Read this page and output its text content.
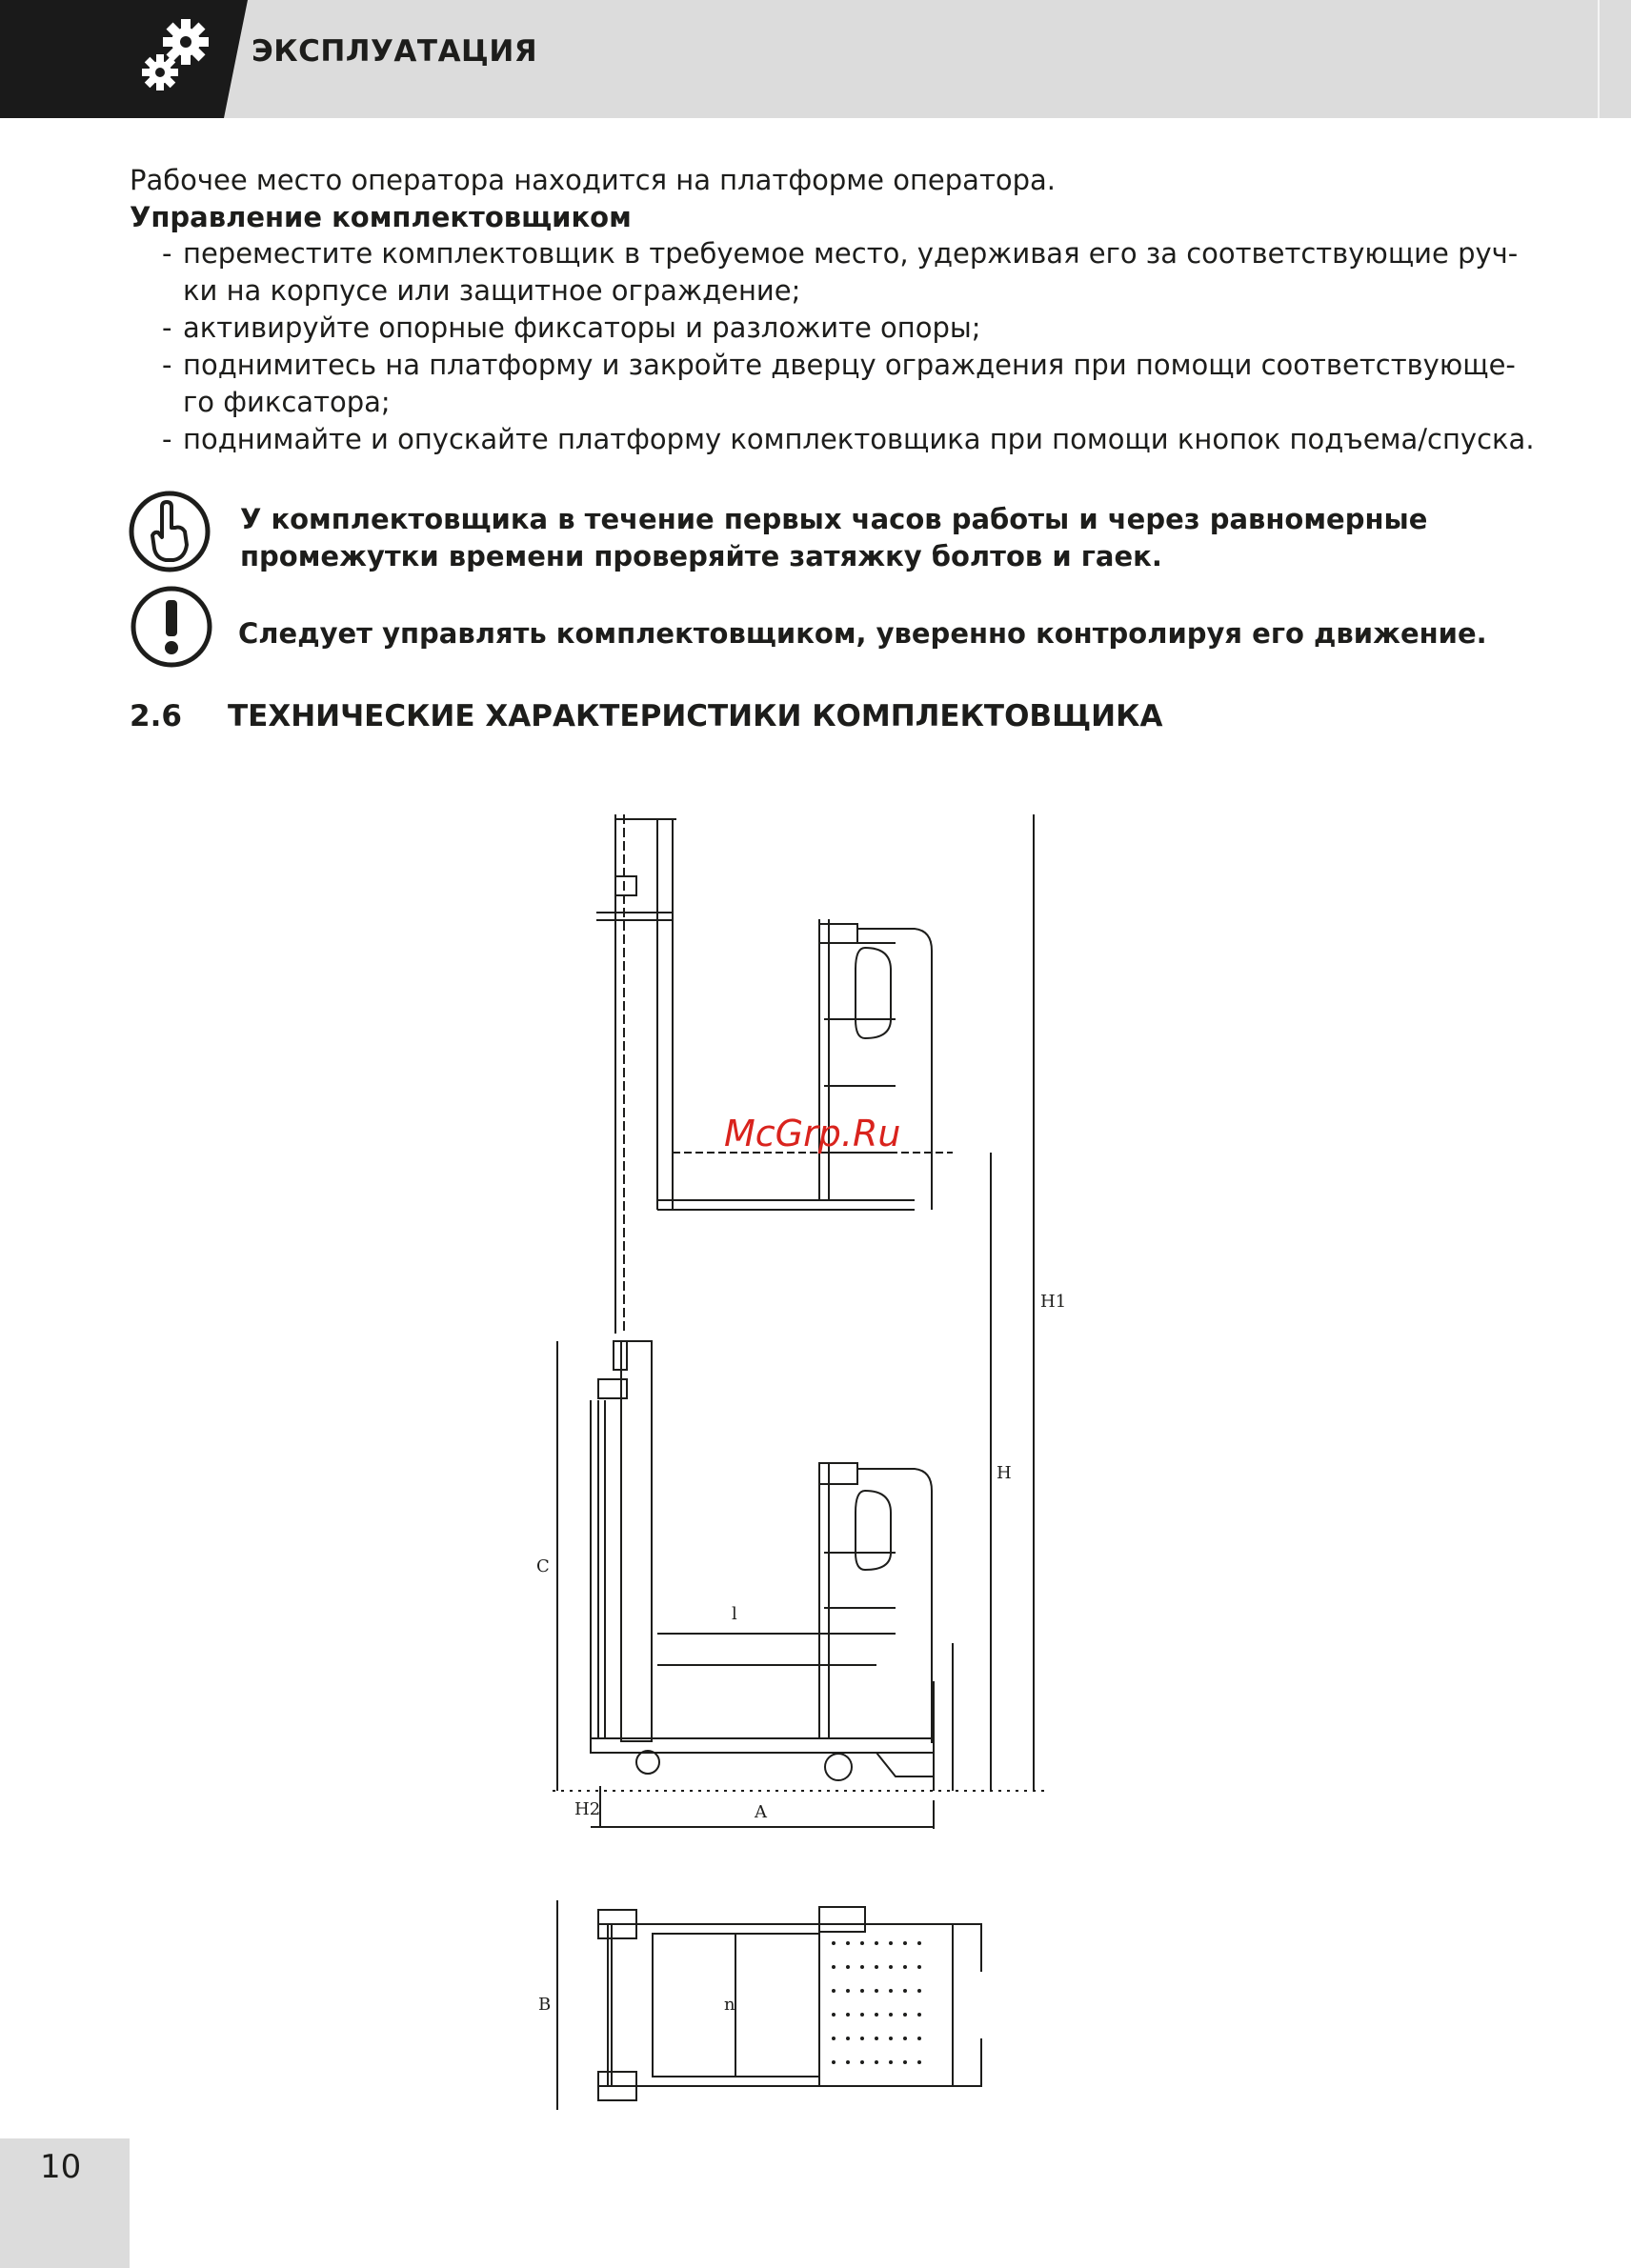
ЭКСПЛУАТАЦИЯ
Рабочее место оператора находится на платформе оператора.
Управление комплектовщиком
- переместите комплектовщик в требуемое место, удерживая его за соответствующие руч-
ки на корпусе или защитное ограждение;
- активируйте опорные фиксаторы и разложите опоры;
- поднимитесь на платформу и закройте дверцу ограждения при помощи соответствующе-
го фиксатора;
- поднимайте и опускайте платформу комплектовщика при помощи кнопок подъема/спуска.
У комплектовщика в течение первых часов работы и через равномерные
промежутки времени проверяйте затяжку болтов и гаек.
Следует управлять комплектовщиком, уверенно контролируя его движение.
2.6 ТЕХНИЧЕСКИЕ ХАРАКТЕРИСТИКИ КОМПЛЕКТОВЩИКА
H1
H
C
l
H2	A
B	n
McGrp.Ru
10
